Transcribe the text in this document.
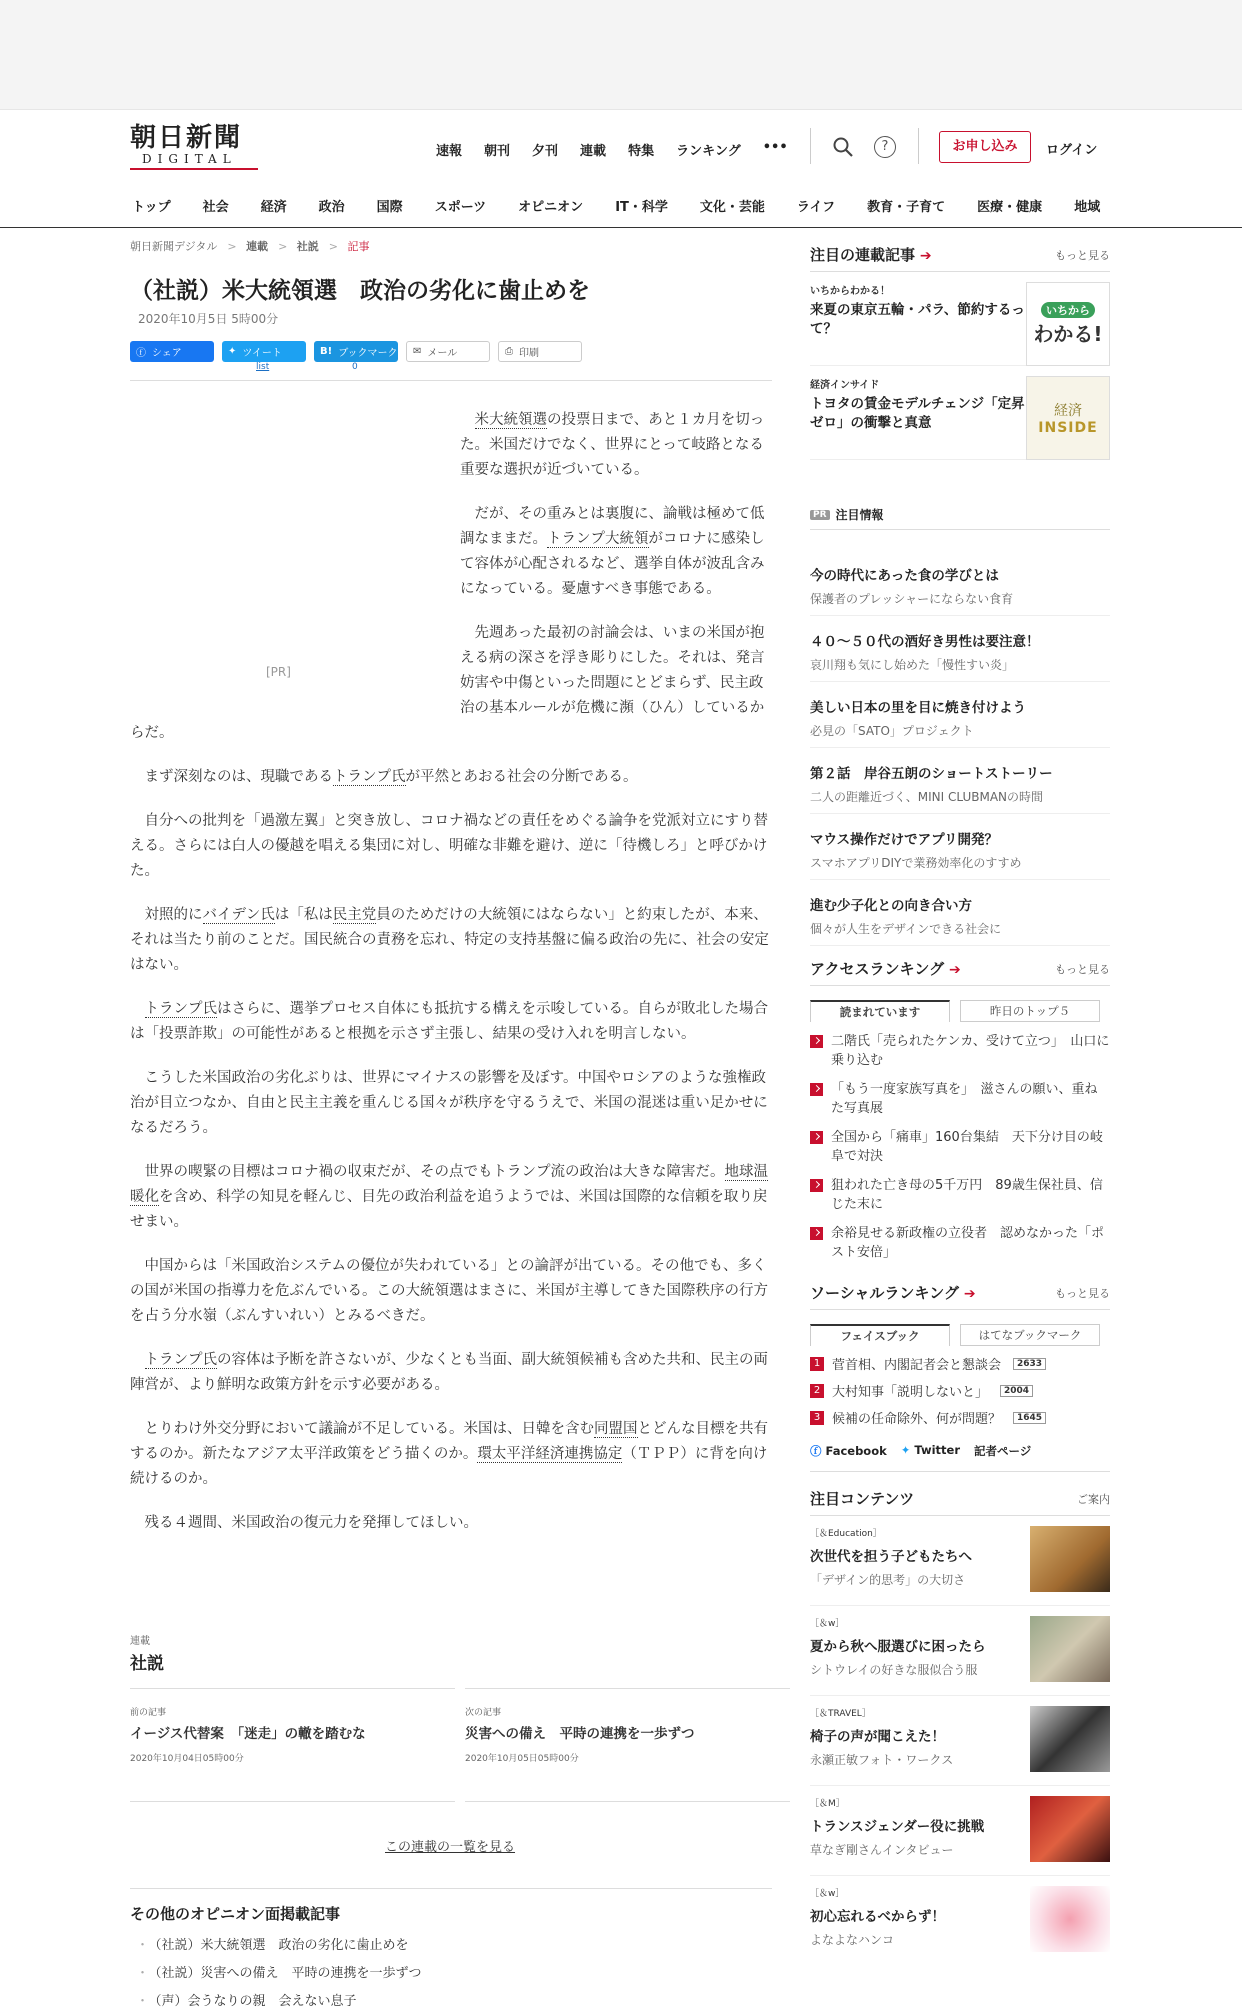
朝日新聞
DIGITAL	速報 朝刊 夕刊 連載 特集 ランキング •••	?	お申し込み	ログイン
トップ 社会 経済 政治 国際 スポーツ オピニオン IT・科学 文化・芸能 ライフ 教育・子育て 医療・健康 地域
朝日新聞デジタル > 連載 > 社説 > 記事
（社説）米大統領選　政治の劣化に歯止めを
2020年10月5日 5時00分
ⓕ シェア	✦ ツイート	B! ブックマーク ✉ メール	⎙ 印刷
list	0
[PR]

米大統領選の投票日まで、あと１カ月を切った。米国だけでなく、世界にとって岐路となる重要な選択が近づいている。

だが、その重みとは裏腹に、論戦は極めて低調なままだ。トランプ大統領がコロナに感染して容体が心配されるなど、選挙自体が波乱含みになっている。憂慮すべき事態である。

先週あった最初の討論会は、いまの米国が抱える病の深さを浮き彫りにした。それは、発言妨害や中傷といった問題にとどまらず、民主政治の基本ルールが危機に瀕（ひん）しているからだ。

まず深刻なのは、現職であるトランプ氏が平然とあおる社会の分断である。

自分への批判を「過激左翼」と突き放し、コロナ禍などの責任をめぐる論争を党派対立にすり替える。さらには白人の優越を唱える集団に対し、明確な非難を避け、逆に「待機しろ」と呼びかけた。

対照的にバイデン氏は「私は民主党員のためだけの大統領にはならない」と約束したが、本来、それは当たり前のことだ。国民統合の責務を忘れ、特定の支持基盤に偏る政治の先に、社会の安定はない。

トランプ氏はさらに、選挙プロセス自体にも抵抗する構えを示唆している。自らが敗北した場合は「投票詐欺」の可能性があると根拠を示さず主張し、結果の受け入れを明言しない。

こうした米国政治の劣化ぶりは、世界にマイナスの影響を及ぼす。中国やロシアのような強権政治が目立つなか、自由と民主主義を重んじる国々が秩序を守るうえで、米国の混迷は重い足かせになるだろう。

世界の喫緊の目標はコロナ禍の収束だが、その点でもトランプ流の政治は大きな障害だ。地球温暖化を含め、科学の知見を軽んじ、目先の政治利益を追うようでは、米国は国際的な信頼を取り戻せまい。

中国からは「米国政治システムの優位が失われている」との論評が出ている。その他でも、多くの国が米国の指導力を危ぶんでいる。この大統領選はまさに、米国が主導してきた国際秩序の行方を占う分水嶺（ぶんすいれい）とみるべきだ。

トランプ氏の容体は予断を許さないが、少なくとも当面、副大統領候補も含めた共和、民主の両陣営が、より鮮明な政策方針を示す必要がある。

とりわけ外交分野において議論が不足している。米国は、日韓を含む同盟国とどんな目標を共有するのか。新たなアジア太平洋政策をどう描くのか。環太平洋経済連携協定（ＴＰＰ）に背を向け続けるのか。

残る４週間、米国政治の復元力を発揮してほしい。

連載
社説
前の記事
イージス代替案　「迷走」の轍を踏むな
2020年10月04日05時00分
次の記事
災害への備え　平時の連携を一歩ずつ
2020年10月05日05時00分
この連載の一覧を見る
その他のオピニオン面掲載記事
・ （社説）米大統領選　政治の劣化に歯止めを
・ （社説）災害への備え　平時の連携を一歩ずつ
・ （声）会うなりの親　会えない息子
注目の連載記事 ➔	もっと見る
いちからわかる！
来夏の東京五輪・パラ、節約するって？
いちから
わかる!
経済インサイド
トヨタの賃金モデルチェンジ「定昇ゼロ」の衝撃と真意
経済
INSIDE
PR 注目情報
今の時代にあった食の学びとは
保護者のプレッシャーにならない食育
４０～５０代の酒好き男性は要注意！
哀川翔も気にし始めた「慢性すい炎」
美しい日本の里を目に焼き付けよう
必見の「SATO」プロジェクト
第２話　岸谷五朗のショートストーリー
二人の距離近づく、MINI CLUBMANの時間
マウス操作だけでアプリ開発？
スマホアプリDIYで業務効率化のすすめ
進む少子化との向き合い方
個々が人生をデザインできる社会に
アクセスランキング ➔	もっと見る
読まれています	昨日のトップ５
二階氏「売られたケンカ、受けて立つ」　山口に乗り込む
「もう一度家族写真を」　滋さんの願い、重ねた写真展
全国から「痛車」160台集結　天下分け目の岐阜で対決
狙われた亡き母の5千万円　89歳生保社員、信じた末に
余裕見せる新政権の立役者　認めなかった「ポスト安倍」
ソーシャルランキング ➔	もっと見る
フェイスブック	はてなブックマーク
1 菅首相、内閣記者会と懇談会	2633
2 大村知事「説明しないと」	2004
3 候補の任命除外、何が問題？	1645
ⓕ Facebook ✦ Twitter 記者ページ
注目コンテンツ	ご案内
［＆Education］
次世代を担う子どもたちへ
「デザイン的思考」の大切さ
［＆w］
夏から秋へ服選びに困ったら
シトウレイの好きな服似合う服
［＆TRAVEL］
椅子の声が聞こえた！
永瀬正敏フォト・ワークス
［＆M］
トランスジェンダー役に挑戦
草なぎ剛さんインタビュー
［＆w］
初心忘れるべからず！
よなよなハンコ
